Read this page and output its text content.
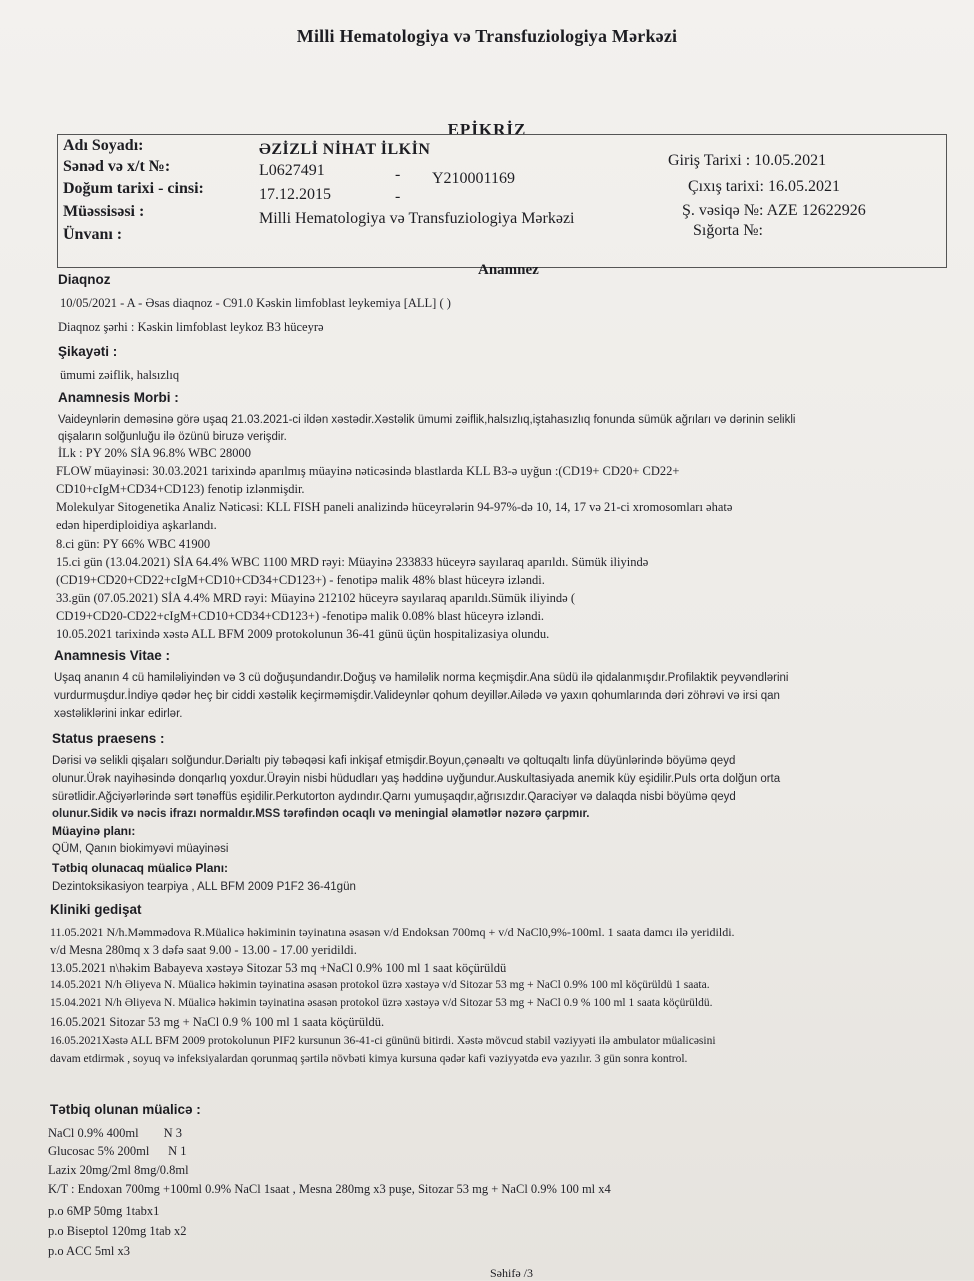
Milli Hematologiya və Transfuziologiya Mərkəzi
EPİKRİZ
Adı Soyadı:	ƏZİZLİ NİHAT İLKİN
Sənəd və x/t №:	L0627491	- Y210001169
Doğum tarixi - cinsi:	17.12.2015	-
Müəssisəsi :	Milli Hematologiya və Transfuziologiya Mərkəzi
Ünvanı :
Giriş Tarixi : 10.05.2021
Çıxış tarixi: 16.05.2021
Ş. vəsiqə №: AZE 12622926
Sığorta №:
Anamnez
Diaqnoz
10/05/2021 - A - Əsas diaqnoz - C91.0 Kəskin limfoblast leykemiya [ALL] ( )
Diaqnoz şərhi : Kəskin limfoblast leykoz B3 hüceyrə
Şikayəti :
ümumi zəiflik, halsızlıq
Anamnesis Morbi :
Vaideynlərin deməsinə görə uşaq 21.03.2021-ci ildən xəstədir.Xəstəlik ümumi zəiflik,halsızlıq,iştahasızlıq fonunda sümük ağrıları və dərinin selikli
qişaların solğunluğu ilə özünü biruzə verişdir.
İLk : PY 20% SİA 96.8% WBC 28000
FLOW müayinəsi: 30.03.2021 tarixində aparılmış müayinə nəticəsində blastlarda KLL B3-ə uyğun :(CD19+ CD20+ CD22+
CD10+cIgM+CD34+CD123) fenotip izlənmişdir.
Molekulyar Sitogenetika Analiz Nəticəsi: KLL FISH paneli analizində hüceyrələrin 94-97%-də 10, 14, 17 və 21-ci xromosomları əhatə
edən hiperdiploidiya aşkarlandı.
8.ci gün: PY 66% WBC 41900
15.ci gün (13.04.2021) SİA 64.4% WBC 1100 MRD rəyi: Müayinə 233833 hüceyrə sayılaraq aparıldı. Sümük iliyində
(CD19+CD20+CD22+cIgM+CD10+CD34+CD123+) - fenotipə malik 48% blast hüceyrə izləndi.
33.gün (07.05.2021) SİA 4.4% MRD rəyi: Müayinə 212102 hüceyrə sayılaraq aparıldı.Sümük iliyində (
CD19+CD20-CD22+cIgM+CD10+CD34+CD123+) -fenotipə malik 0.08% blast hüceyrə izləndi.
10.05.2021 tarixində xəstə ALL BFM 2009 protokolunun 36-41 günü üçün hospitalizasiya olundu.
Anamnesis Vitae :
Uşaq ananın 4 cü hamiləliyindən və 3 cü doğuşundandır.Doğuş və hamiləlik norma keçmişdir.Ana südü ilə qidalanmışdır.Profilaktik peyvəndlərini
vurdurmuşdur.İndiyə qədər heç bir ciddi xəstəlik keçirməmişdir.Valideynlər qohum deyillər.Ailədə və yaxın qohumlarında dəri zöhrəvi və irsi qan
xəstəliklərini inkar edirlər.
Status praesens :
Dərisi və selikli qişaları solğundur.Dərialtı piy təbəqəsi kafi inkişaf etmişdir.Boyun,çənəaltı və qoltuqaltı linfa düyünlərində böyümə qeyd
olunur.Ürək nayihəsində donqarlıq yoxdur.Ürəyin nisbi hüdudları yaş həddinə uyğundur.Auskultasiyada anemik küy eşidilir.Puls orta dolğun orta
sürətlidir.Ağciyərlərində sərt tənəffüs eşidilir.Perkutorton aydındır.Qarnı yumuşaqdır,ağrısızdır.Qaraciyər və dalaqda nisbi böyümə qeyd
olunur.Sidik və nəcis ifrazı normaldır.MSS tərəfindən ocaqlı və meningial əlamətlər nəzərə çarpmır.
Müayinə planı:
QÜM, Qanın biokimyəvi müayinəsi
Tətbiq olunacaq müalicə Planı:
Dezintoksikasiyon tearpiya , ALL BFM 2009 P1F2 36-41gün
Kliniki gedişat
11.05.2021 N/h.Məmmədova R.Müalicə həkiminin təyinatına əsasən v/d Endoksan 700mq + v/d NaCl0,9%-100ml. 1 saata damcı ilə yeridildi.
v/d Mesna 280mq x 3 dəfə saat 9.00 - 13.00 - 17.00 yeridildi.
13.05.2021 n\həkim Babayeva xəstəyə Sitozar 53 mq +NaCl 0.9% 100 ml 1 saat köçürüldü
14.05.2021 N/h Əliyeva N. Müalicə həkimin təyinatina əsasən protokol üzrə xəstəyə v/d Sitozar 53 mg + NaCl 0.9% 100 ml köçürüldü 1 saata.
15.04.2021 N/h Əliyeva N. Müalicə həkimin təyinatina əsasən protokol üzrə xəstəyə v/d Sitozar 53 mg + NaCl 0.9 % 100 ml 1 saata köçürüldü.
16.05.2021 Sitozar 53 mg + NaCl 0.9 % 100 ml 1 saata köçürüldü.
16.05.2021Xəstə ALL BFM 2009 protokolunun PIF2 kursunun 36-41-ci gününü bitirdi. Xəstə mövcud stabil vəziyyəti ilə ambulator müalicəsini
davam etdirmək , soyuq və infeksiyalardan qorunmaq şərtilə növbəti kimya kursuna qədər kafi vəziyyətdə evə yazılır. 3 gün sonra kontrol.
Tətbiq olunan müalicə :
NaCl 0.9% 400ml        N 3
Glucosac 5% 200ml      N 1
Lazix 20mg/2ml 8mg/0.8ml
K/T : Endoxan 700mg +100ml 0.9% NaCl 1saat , Mesna 280mg x3 puşe, Sitozar 53 mg + NaCl 0.9% 100 ml x4
p.o 6MP 50mg 1tabx1
p.o Biseptol 120mg 1tab x2
p.o ACC 5ml x3
Səhifə /3
